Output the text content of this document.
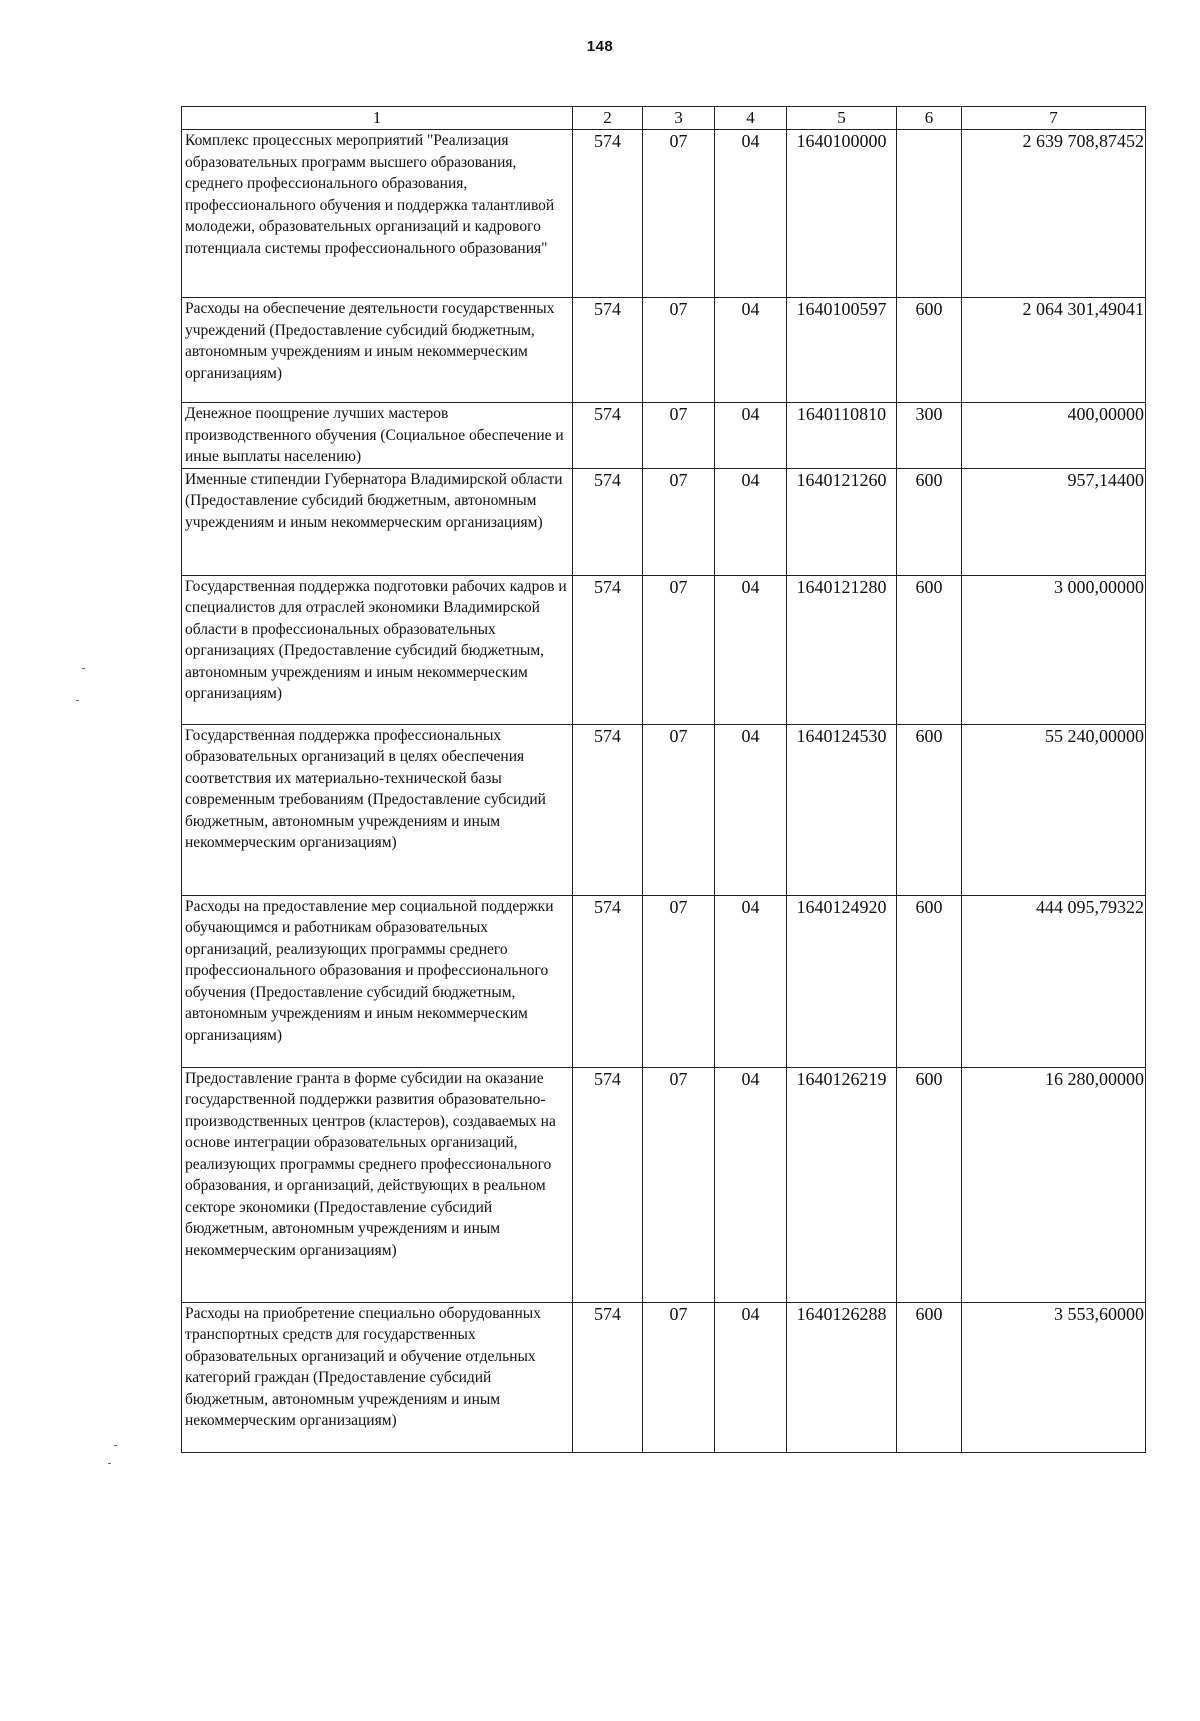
148
1	2	3	4	5	6	7
Комплекс процессных мероприятий "Реализация образовательных программ высшего образования, среднего профессионального образования, профессионального обучения и поддержка талантливой молодежи, образовательных организаций и кадрового потенциала системы профессионального образования"	574	07	04	1640100000		2 639 708,87452
Расходы на обеспечение деятельности государственных учреждений (Предоставление субсидий бюджетным, автономным учреждениям и иным некоммерческим организациям)	574	07	04	1640100597	600	2 064 301,49041
Денежное поощрение лучших мастеров производственного обучения (Социальное обеспечение и иные выплаты населению)	574	07	04	1640110810	300	400,00000
Именные стипендии Губернатора Владимирской области (Предоставление субсидий бюджетным, автономным учреждениям и иным некоммерческим организациям)	574	07	04	1640121260	600	957,14400
Государственная поддержка подготовки рабочих кадров и специалистов для отраслей экономики Владимирской области в профессиональных образовательных организациях (Предоставление субсидий бюджетным, автономным учреждениям и иным некоммерческим организациям)	574	07	04	1640121280	600	3 000,00000
Государственная поддержка профессиональных образовательных организаций в целях обеспечения соответствия их материально-технической базы современным требованиям (Предоставление субсидий бюджетным, автономным учреждениям и иным некоммерческим организациям)	574	07	04	1640124530	600	55 240,00000
Расходы на предоставление мер социальной поддержки обучающимся и работникам образовательных организаций, реализующих программы среднего профессионального образования и профессионального обучения (Предоставление субсидий бюджетным, автономным учреждениям и иным некоммерческим организациям)	574	07	04	1640124920	600	444 095,79322
Предоставление гранта в форме субсидии на оказание государственной поддержки развития образовательно-производственных центров (кластеров), создаваемых на основе интеграции образовательных организаций, реализующих программы среднего профессионального образования, и организаций, действующих в реальном секторе экономики (Предоставление субсидий бюджетным, автономным учреждениям и иным некоммерческим организациям)	574	07	04	1640126219	600	16 280,00000
Расходы на приобретение специально оборудованных транспортных средств для государственных образовательных организаций и обучение отдельных категорий граждан (Предоставление субсидий бюджетным, автономным учреждениям и иным некоммерческим организациям)	574	07	04	1640126288	600	3 553,60000
